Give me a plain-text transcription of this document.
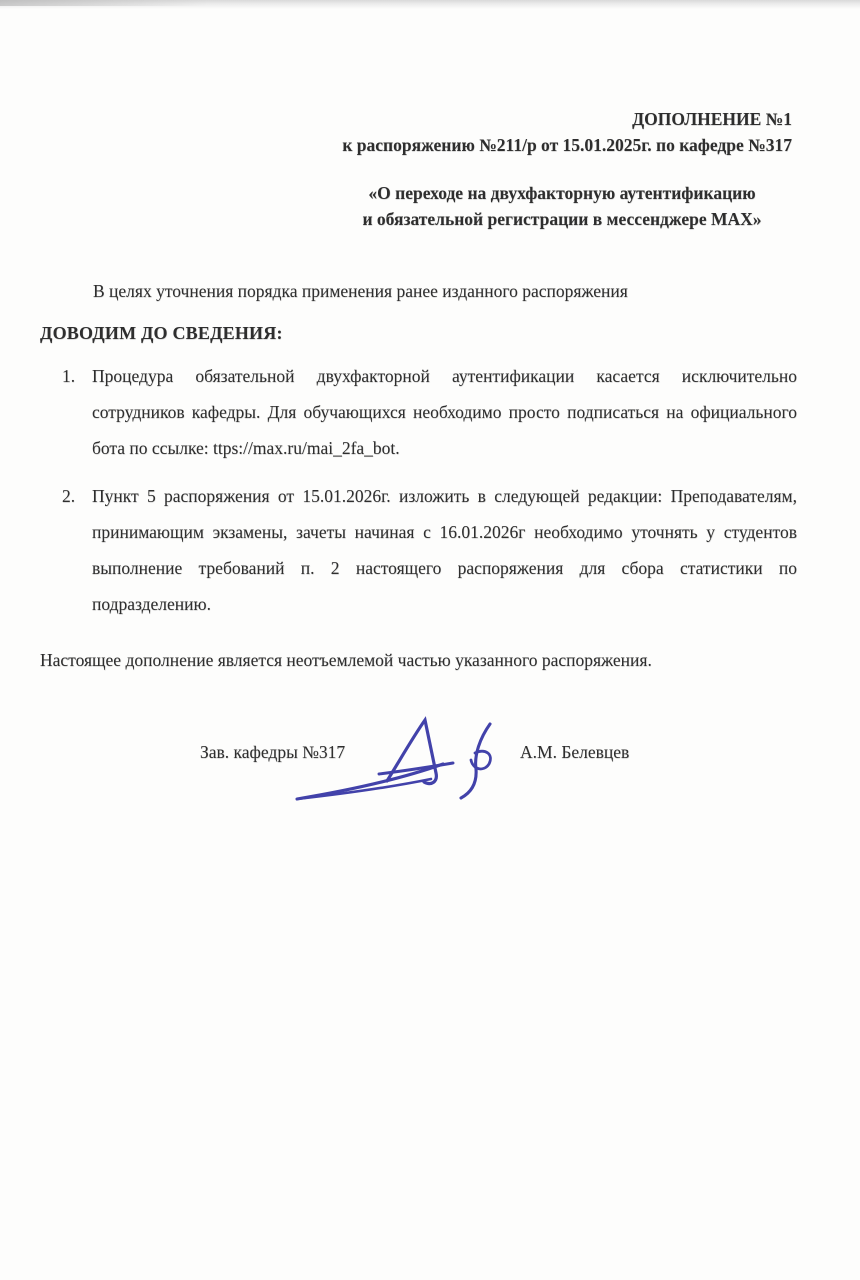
ДОПОЛНЕНИЕ №1
к распоряжению №211/р от 15.01.2025г. по кафедре №317
«О переходе на двухфакторную аутентификацию
и обязательной регистрации в мессенджере МАХ»
В целях уточнения порядка применения ранее изданного распоряжения
ДОВОДИМ ДО СВЕДЕНИЯ:
1. Процедура обязательной двухфакторной аутентификации касается исключительно сотрудников кафедры. Для обучающихся необходимо просто подписаться на официального бота по ссылке: ttps://max.ru/mai_2fa_bot.
2. Пункт 5 распоряжения от 15.01.2026г. изложить в следующей редакции: Преподавателям, принимающим экзамены, зачеты начиная с 16.01.2026г необходимо уточнять у студентов выполнение требований п. 2 настоящего распоряжения для сбора статистики по подразделению.
Настоящее дополнение является неотъемлемой частью указанного распоряжения.
Зав. кафедры №317	А.М. Белевцев
